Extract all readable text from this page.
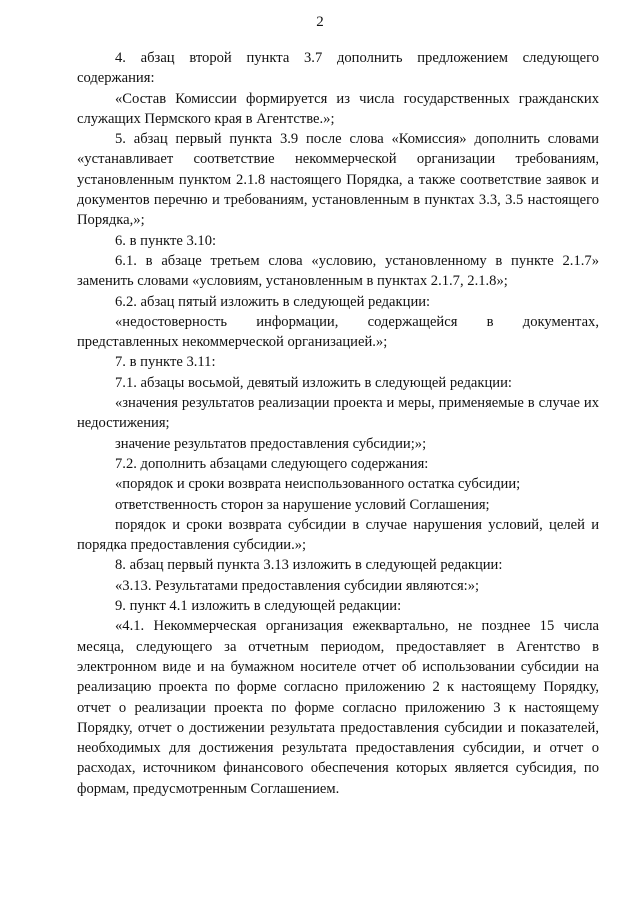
2

4. абзац второй пункта 3.7 дополнить предложением следующего содержания:

«Состав Комиссии формируется из числа государственных гражданских служащих Пермского края в Агентстве.»;

5. абзац первый пункта 3.9 после слова «Комиссия» дополнить словами «устанавливает соответствие некоммерческой организации требованиям, установленным пунктом 2.1.8 настоящего Порядка, а также соответствие заявок и документов перечню и требованиям, установленным в пунктах 3.3, 3.5 настоящего Порядка,»;

6. в пункте 3.10:

6.1. в абзаце третьем слова «условию, установленному в пункте 2.1.7» заменить словами «условиям, установленным в пунктах 2.1.7, 2.1.8»;

6.2. абзац пятый изложить в следующей редакции:

«недостоверность информации, содержащейся в документах, представленных некоммерческой организацией.»;

7. в пункте 3.11:

7.1. абзацы восьмой, девятый изложить в следующей редакции:

«значения результатов реализации проекта и меры, применяемые в случае их недостижения;

значение результатов предоставления субсидии;»;

7.2. дополнить абзацами следующего содержания:

«порядок и сроки возврата неиспользованного остатка субсидии;

ответственность сторон за нарушение условий Соглашения;

порядок и сроки возврата субсидии в случае нарушения условий, целей и порядка предоставления субсидии.»;

8. абзац первый пункта 3.13 изложить в следующей редакции:

«3.13. Результатами предоставления субсидии являются:»;

9. пункт 4.1 изложить в следующей редакции:

«4.1. Некоммерческая организация ежеквартально, не позднее 15 числа месяца, следующего за отчетным периодом, предоставляет в Агентство в электронном виде и на бумажном носителе отчет об использовании субсидии на реализацию проекта по форме согласно приложению 2 к настоящему Порядку, отчет о реализации проекта по форме согласно приложению 3 к настоящему Порядку, отчет о достижении результата предоставления субсидии и показателей, необходимых для достижения результата предоставления субсидии, и отчет о расходах, источником финансового обеспечения которых является субсидия, по формам, предусмотренным Соглашением.
